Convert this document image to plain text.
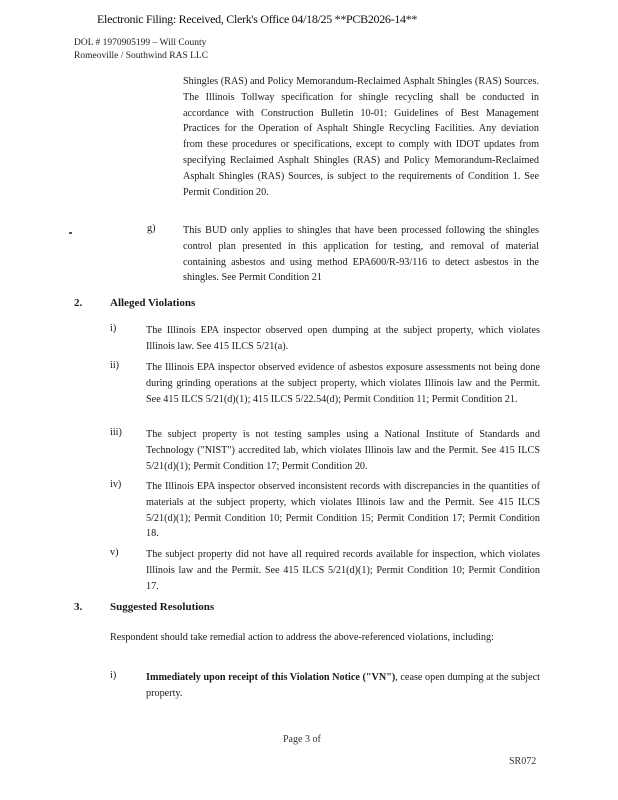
Electronic Filing: Received, Clerk's Office 04/18/25 **PCB2026-14**
DOL # 1970905199 – Will County
Romeoville / Southwind RAS LLC
Shingles (RAS) and Policy Memorandum-Reclaimed Asphalt Shingles (RAS) Sources. The Illinois Tollway specification for shingle recycling shall be conducted in accordance with Construction Bulletin 10-01: Guidelines of Best Management Practices for the Operation of Asphalt Shingle Recycling Facilities. Any deviation from these procedures or specifications, except to comply with IDOT updates from specifying Reclaimed Asphalt Shingles (RAS) and Policy Memorandum-Reclaimed Asphalt Shingles (RAS) Sources, is subject to the requirements of Condition 1. See Permit Condition 20.
g)	This BUD only applies to shingles that have been processed following the shingles control plan presented in this application for testing, and removal of material containing asbestos and using method EPA600/R-93/116 to detect asbestos in the shingles. See Permit Condition 21
2.	Alleged Violations
i)	The Illinois EPA inspector observed open dumping at the subject property, which violates Illinois law. See 415 ILCS 5/21(a).
ii)	The Illinois EPA inspector observed evidence of asbestos exposure assessments not being done during grinding operations at the subject property, which violates Illinois law and the Permit. See 415 ILCS 5/21(d)(1); 415 ILCS 5/22.54(d); Permit Condition 11; Permit Condition 21.
iii) The subject property is not testing samples using a National Institute of Standards and Technology ("NIST") accredited lab, which violates Illinois law and the Permit. See 415 ILCS 5/21(d)(1); Permit Condition 17; Permit Condition 20.
iv) The Illinois EPA inspector observed inconsistent records with discrepancies in the quantities of materials at the subject property, which violates Illinois law and the Permit. See 415 ILCS 5/21(d)(1); Permit Condition 10; Permit Condition 15; Permit Condition 17; Permit Condition 18.
v)	The subject property did not have all required records available for inspection, which violates Illinois law and the Permit. See 415 ILCS 5/21(d)(1); Permit Condition 10; Permit Condition 17.
3.	Suggested Resolutions
Respondent should take remedial action to address the above-referenced violations, including:
i)	Immediately upon receipt of this Violation Notice ("VN"), cease open dumping at the subject property.
Page 3 of
SR072
